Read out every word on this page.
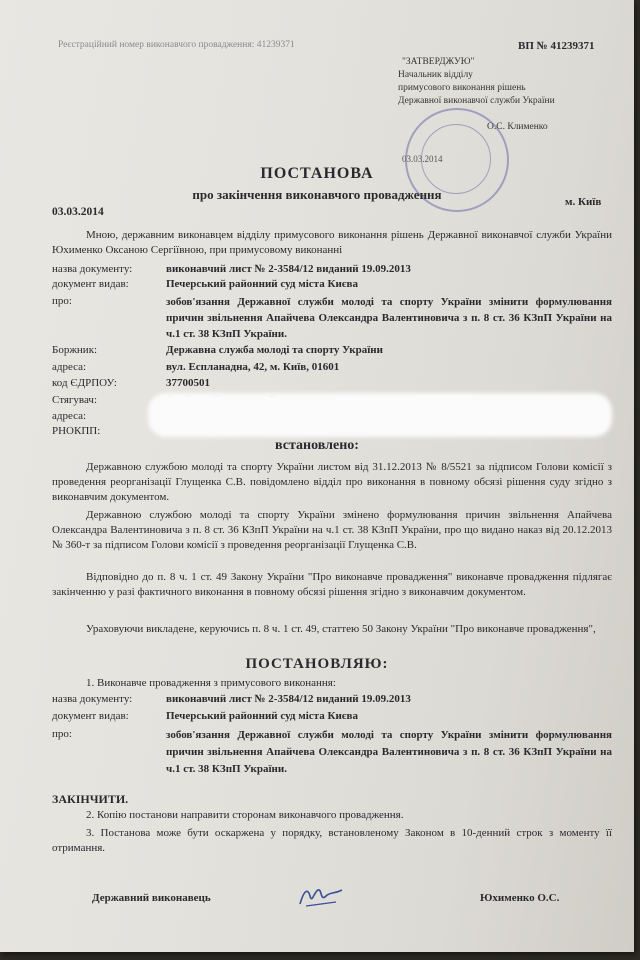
Реєстраційний номер виконавчого провадження: 41239371	ВП № 41239371
"ЗАТВЕРДЖУЮ"
Начальник відділу
примусового виконання рішень
Державної виконавчої служби України
О.С. Клименко
03.03.2014
ПОСТАНОВА
про закінчення виконавчого провадження
03.03.2014
м. Київ
Мною, державним виконавцем відділу примусового виконання рішень Державної виконавчої служби України Юхименко Оксаною Сергіївною, при примусовому виконанні
назва документу:	виконавчий лист № 2-3584/12 виданий 19.09.2013
документ видав:	Печерський районний суд міста Києва
про:	зобов'язання Державної служби молоді та спорту України змінити формулювання причин звільнення Апайчева Олександра Валентиновича з п. 8 ст. 36 КЗпП України на ч.1 ст. 38 КЗпП України.
Боржник:	Державна служба молоді та спорту України
адреса:	вул. Еспланадна, 42, м. Київ, 01601
код ЄДРПОУ:	37700501
Стягувач:
адреса:
РНОКПП:
встановлено:
Державною службою молоді та спорту України листом від 31.12.2013 № 8/5521 за підписом Голови комісії з проведення реорганізації Глущенка С.В. повідомлено відділ про виконання в повному обсязі рішення суду згідно з виконавчим документом.
Державною службою молоді та спорту України змінено формулювання причин звільнення Апайчева Олександра Валентиновича з п. 8 ст. 36 КЗпП України на ч.1 ст. 38 КЗпП України, про що видано наказ від 20.12.2013 № 360-т за підписом Голови комісії з проведення реорганізації Глущенка С.В.
Відповідно до п. 8 ч. 1 ст. 49 Закону України "Про виконавче провадження" виконавче провадження підлягає закінченню у разі фактичного виконання в повному обсязі рішення згідно з виконавчим документом.
Ураховуючи викладене, керуючись п. 8 ч. 1 ст. 49, статтею 50 Закону України "Про виконавче провадження",
ПОСТАНОВЛЯЮ:
1. Виконавче провадження з примусового виконання:
назва документу:	виконавчий лист № 2-3584/12 виданий 19.09.2013
документ видав:	Печерський районний суд міста Києва
про:	зобов'язання Державної служби молоді та спорту України змінити формулювання причин звільнення Апайчева Олександра Валентиновича з п. 8 ст. 36 КЗпП України на ч.1 ст. 38 КЗпП України.
ЗАКІНЧИТИ.
2. Копію постанови направити сторонам виконавчого провадження.
3. Постанова може бути оскаржена у порядку, встановленому Законом в 10-денний строк з моменту її отримання.
Державний виконавець	Юхименко О.С.
